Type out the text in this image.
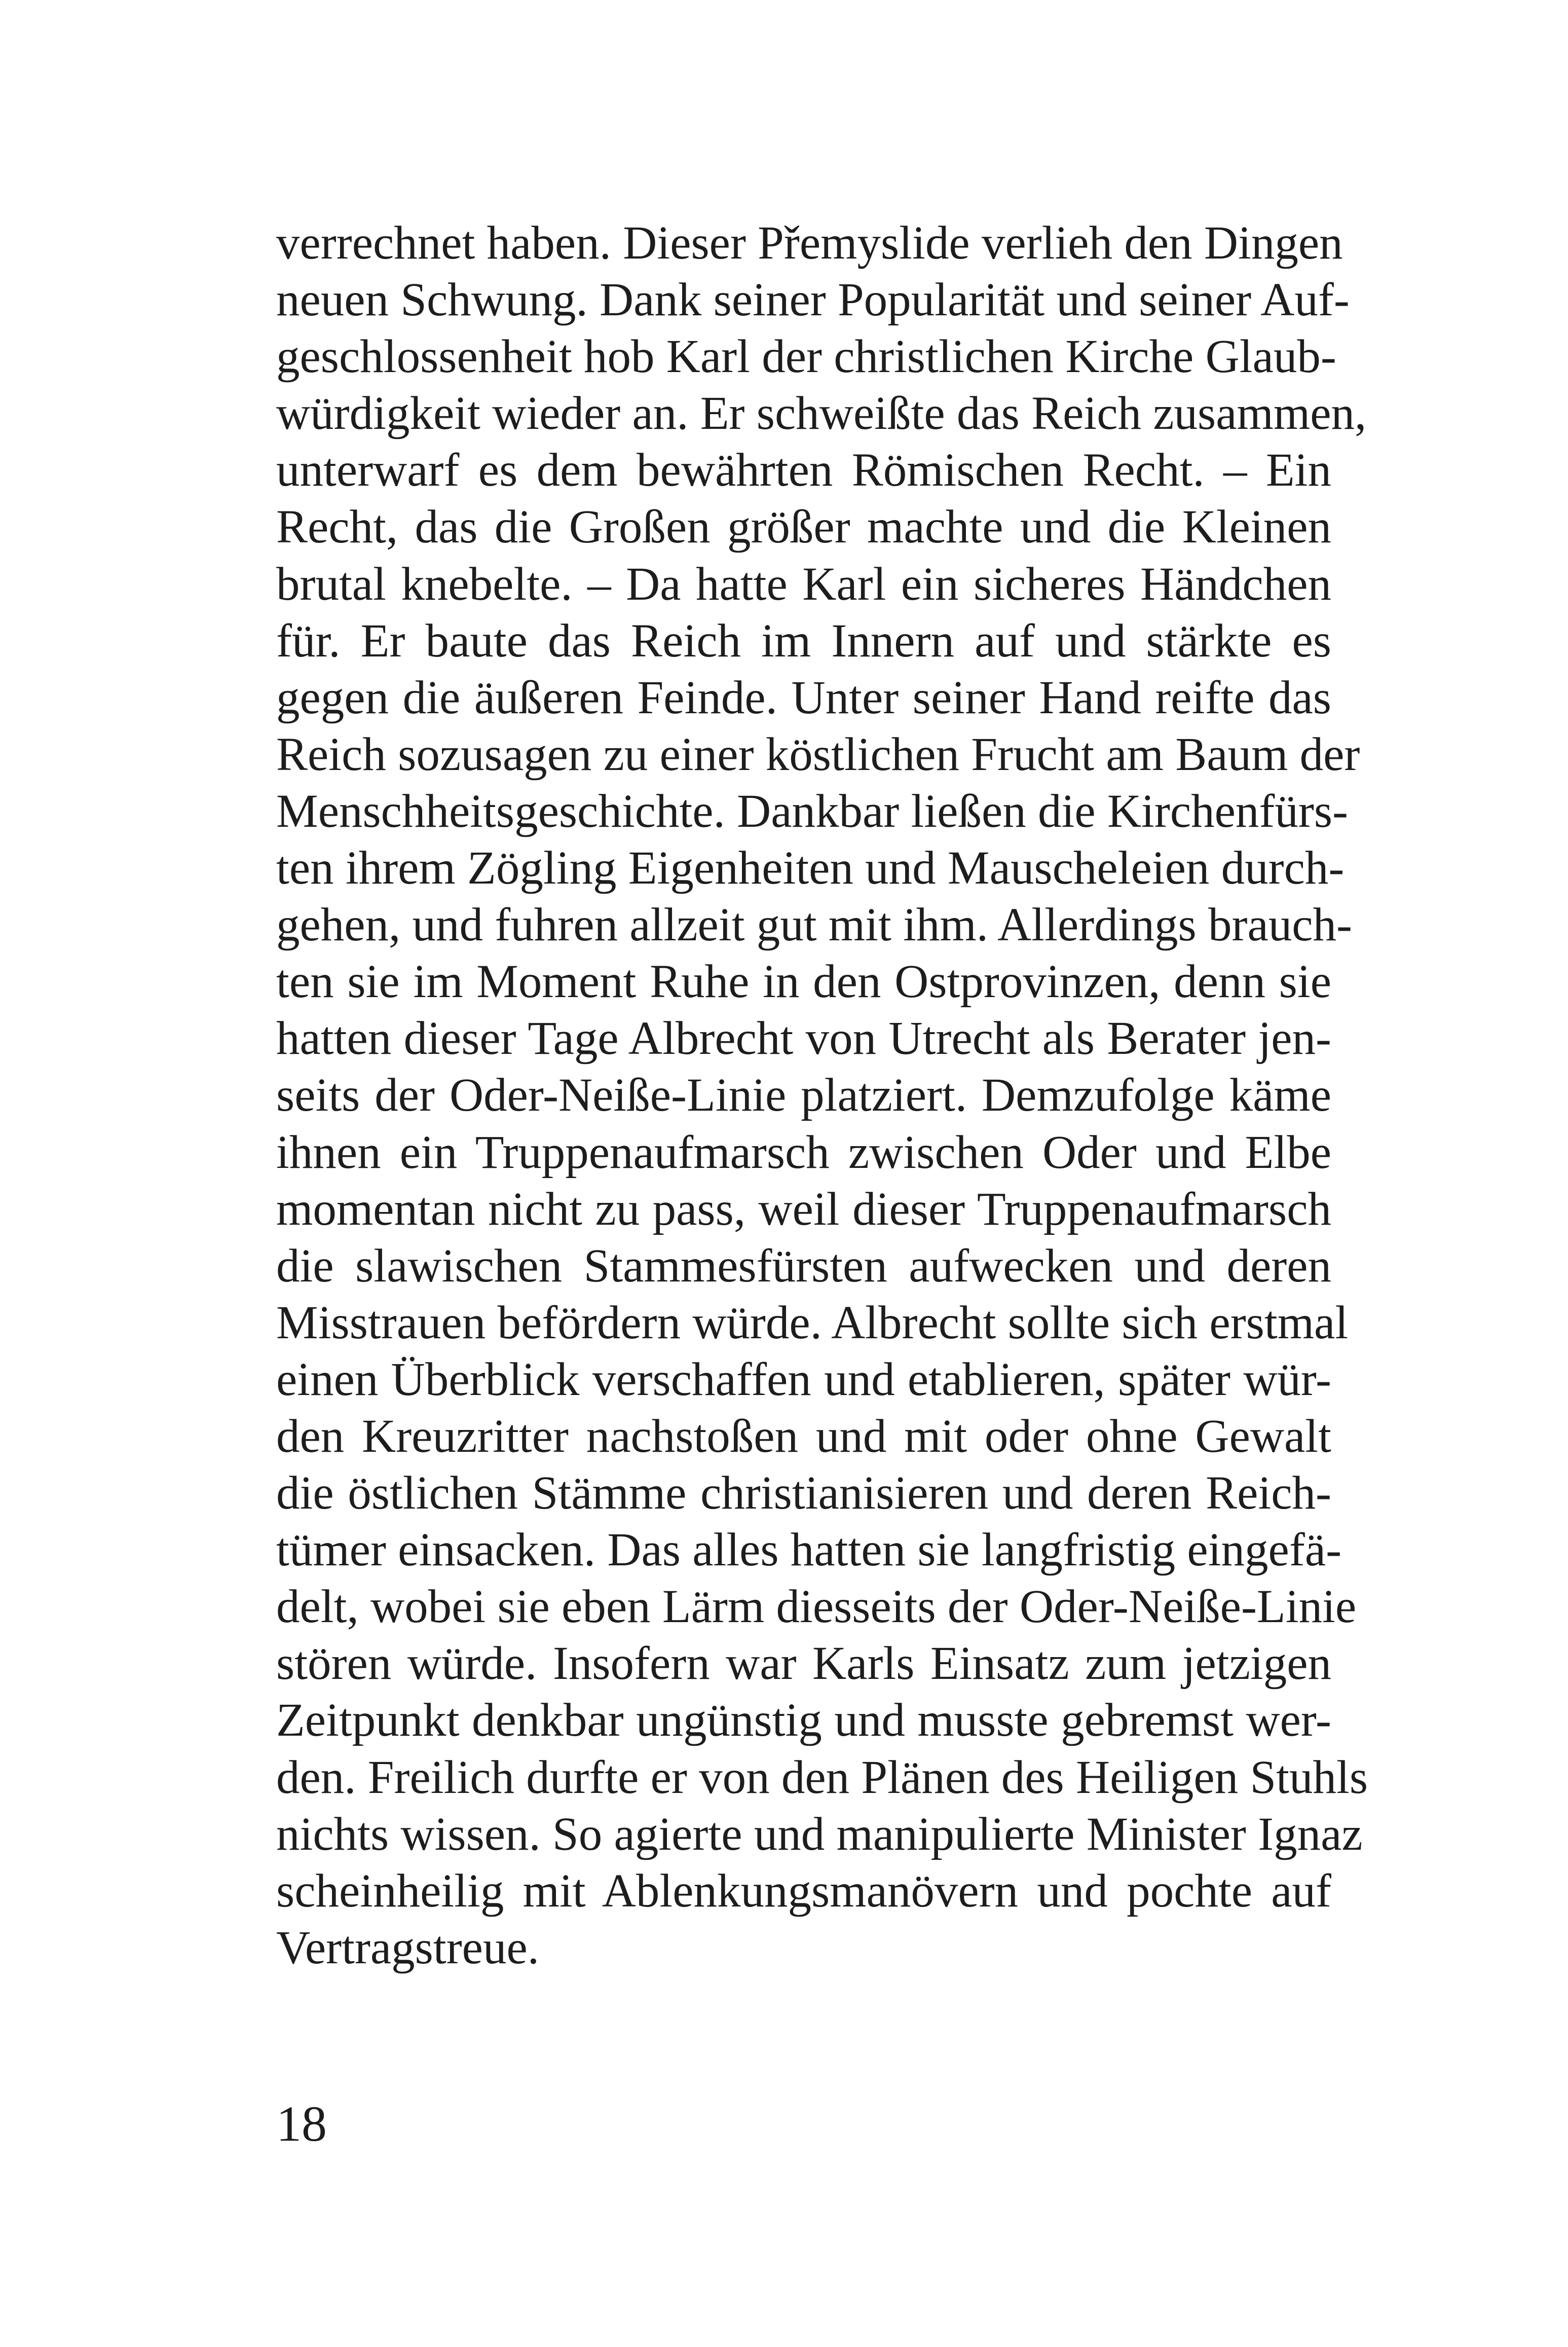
verrechnet haben. Dieser Přemyslide verlieh den Dingen
neuen Schwung. Dank seiner Popularität und seiner Auf-
geschlossenheit hob Karl der christlichen Kirche Glaub-
würdigkeit wieder an. Er schweißte das Reich zusammen,
unterwarf es dem bewährten Römischen Recht. – Ein
Recht, das die Großen größer machte und die Kleinen
brutal knebelte. – Da hatte Karl ein sicheres Händchen
für. Er baute das Reich im Innern auf und stärkte es
gegen die äußeren Feinde. Unter seiner Hand reifte das
Reich sozusagen zu einer köstlichen Frucht am Baum der
Menschheitsgeschichte. Dankbar ließen die Kirchenfürs-
ten ihrem Zögling Eigenheiten und Mauscheleien durch-
gehen, und fuhren allzeit gut mit ihm. Allerdings brauch-
ten sie im Moment Ruhe in den Ostprovinzen, denn sie
hatten dieser Tage Albrecht von Utrecht als Berater jen-
seits der Oder-Neiße-Linie platziert. Demzufolge käme
ihnen ein Truppenaufmarsch zwischen Oder und Elbe
momentan nicht zu pass, weil dieser Truppenaufmarsch
die slawischen Stammesfürsten aufwecken und deren
Misstrauen befördern würde. Albrecht sollte sich erstmal
einen Überblick verschaffen und etablieren, später wür-
den Kreuzritter nachstoßen und mit oder ohne Gewalt
die östlichen Stämme christianisieren und deren Reich-
tümer einsacken. Das alles hatten sie langfristig eingefä-
delt, wobei sie eben Lärm diesseits der Oder-Neiße-Linie
stören würde. Insofern war Karls Einsatz zum jetzigen
Zeitpunkt denkbar ungünstig und musste gebremst wer-
den. Freilich durfte er von den Plänen des Heiligen Stuhls
nichts wissen. So agierte und manipulierte Minister Ignaz
scheinheilig mit Ablenkungsmanövern und pochte auf
Vertragstreue.
18
